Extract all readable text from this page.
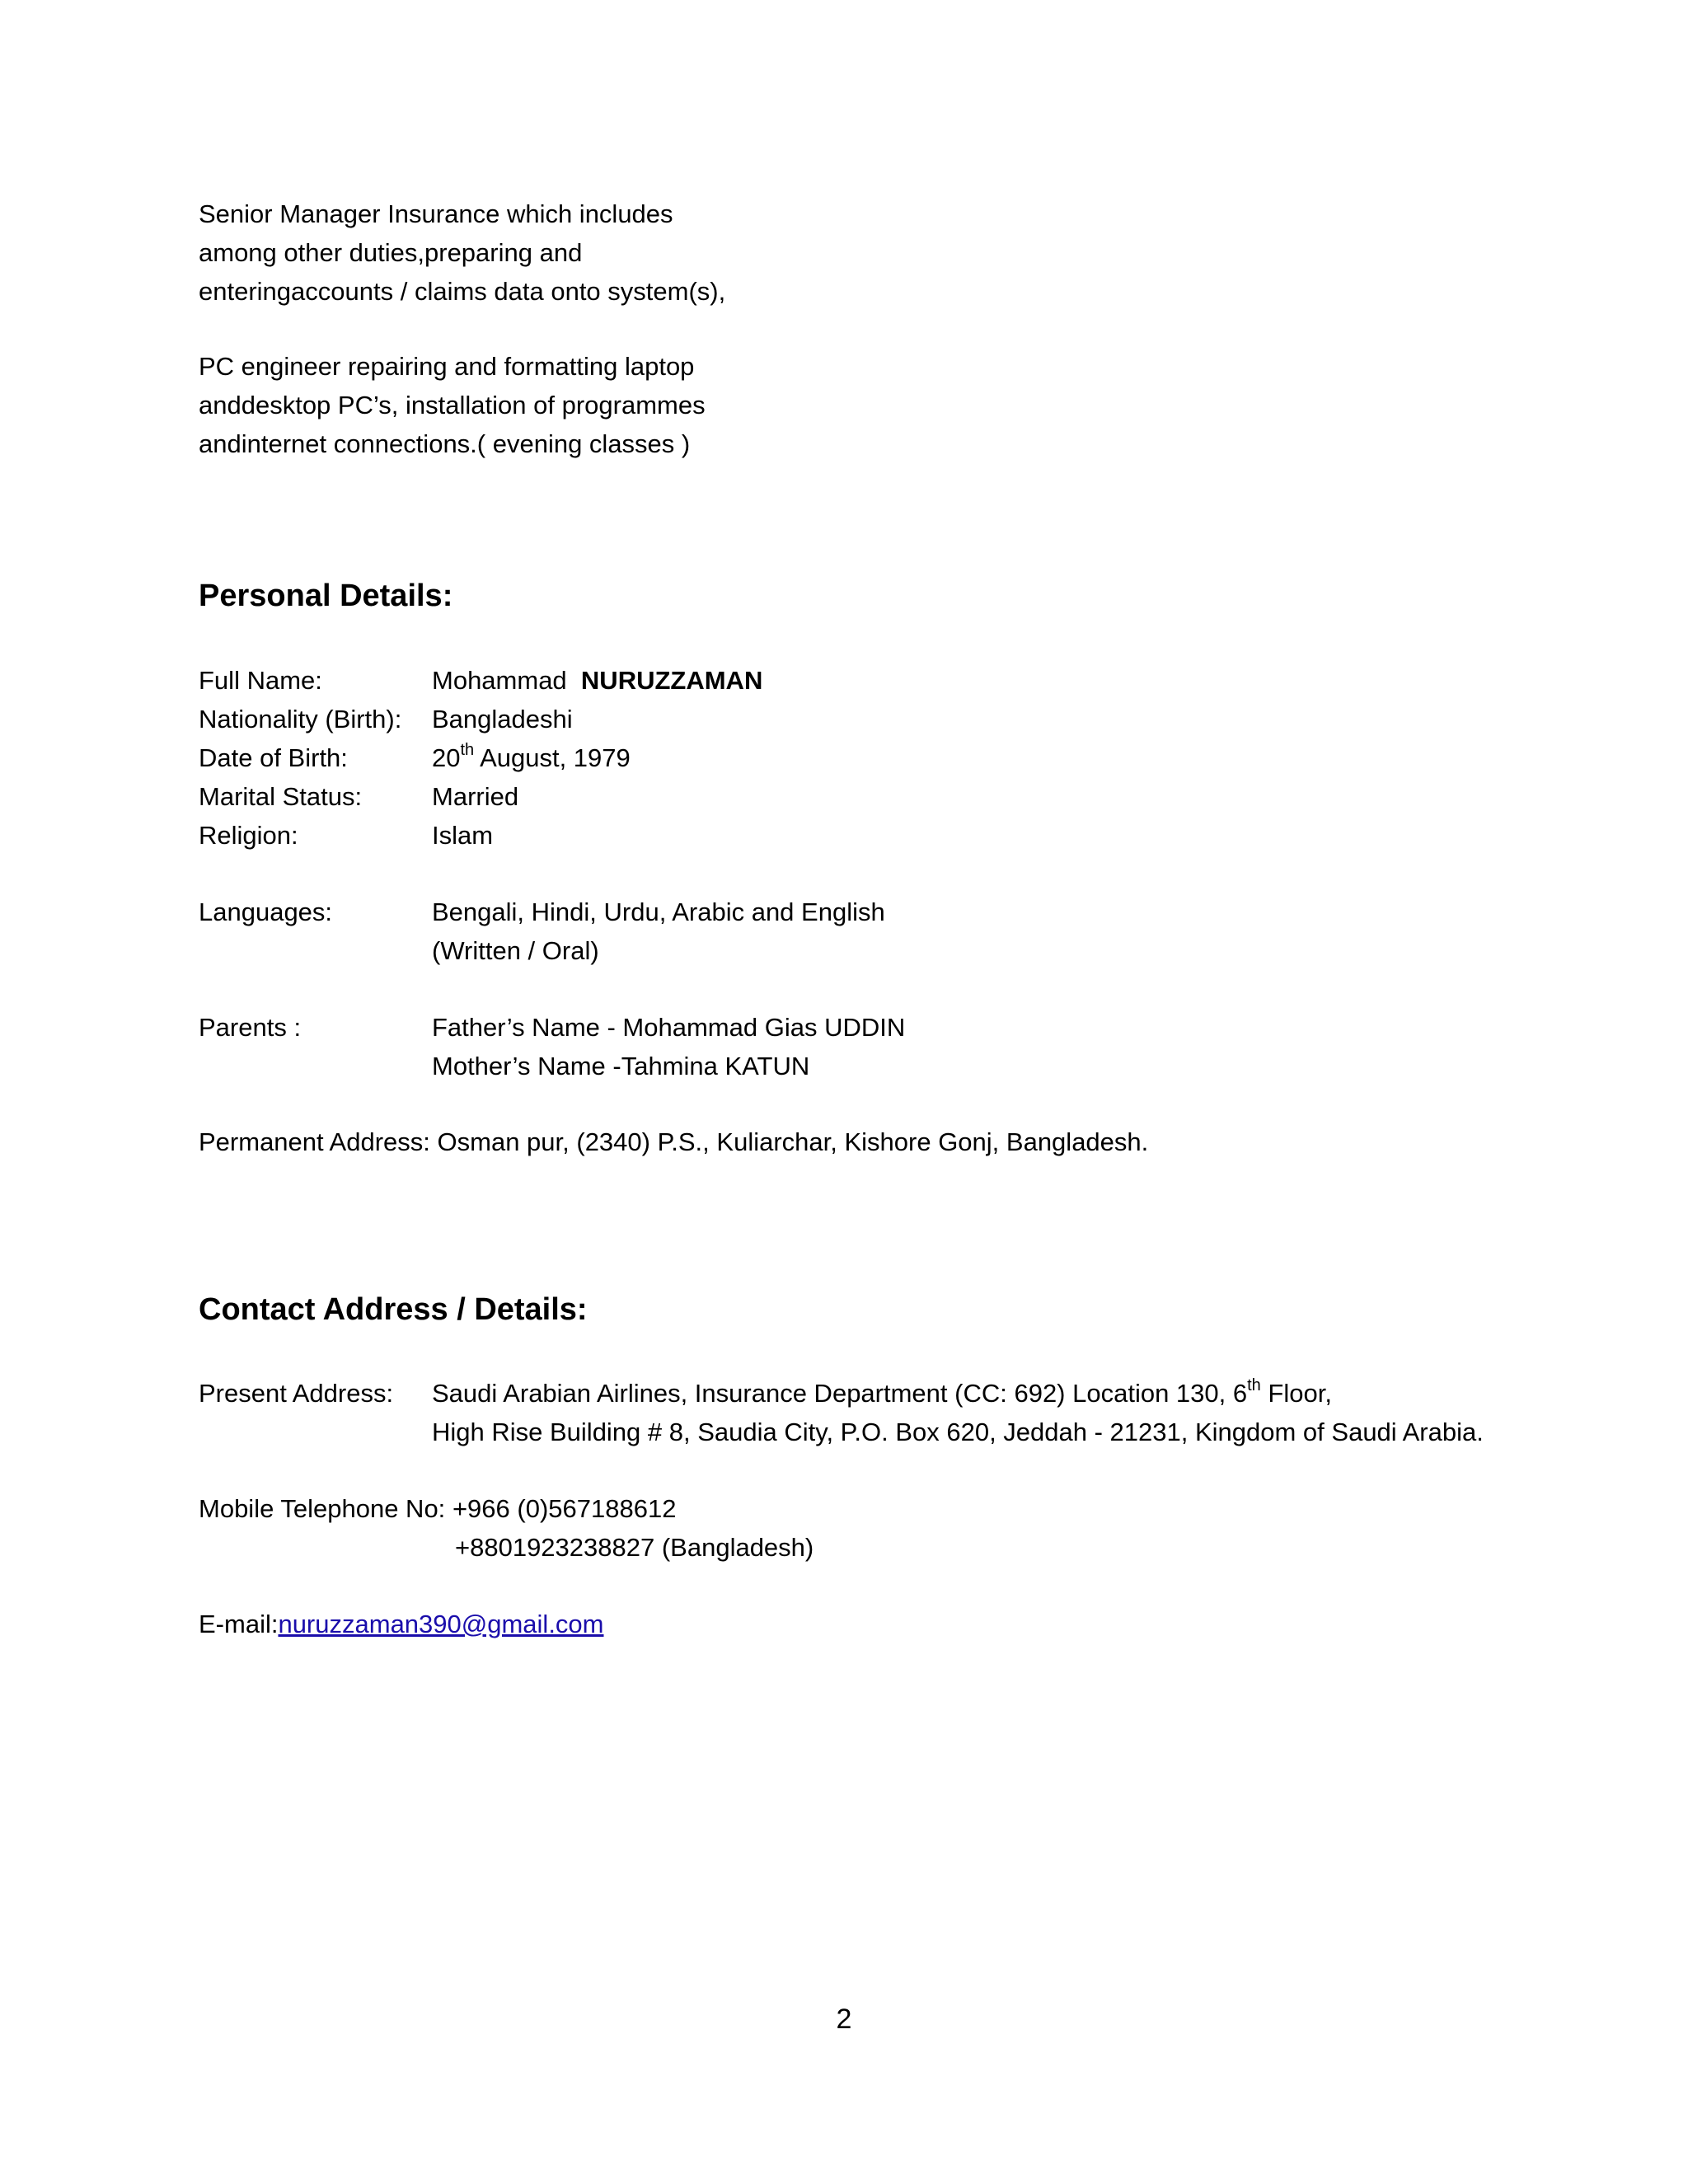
Senior Manager Insurance which includes
among other duties,preparing and
enteringaccounts / claims data onto system(s),
PC engineer repairing and formatting laptop
anddesktop PC’s, installation of programmes
andinternet connections.( evening classes )
Personal Details:
Full Name:	Mohammad NURUZZAMAN
Nationality (Birth): Bangladeshi
Date of Birth:	20th August, 1979
Marital Status:	Married
Religion:	Islam
Languages:	Bengali, Hindi, Urdu, Arabic and English
(Written / Oral)
Parents :	Father’s Name - Mohammad Gias UDDIN
Mother’s Name -Tahmina KATUN
Permanent Address: Osman pur, (2340) P.S., Kuliarchar, Kishore Gonj, Bangladesh.
Contact Address / Details:
Present Address: Saudi Arabian Airlines, Insurance Department (CC: 692) Location 130, 6th Floor,
High Rise Building # 8, Saudia City, P.O. Box 620, Jeddah - 21231, Kingdom of Saudi Arabia.
Mobile Telephone No: +966 (0)567188612
+8801923238827 (Bangladesh)
E-mail:nuruzzaman390@gmail.com
2
